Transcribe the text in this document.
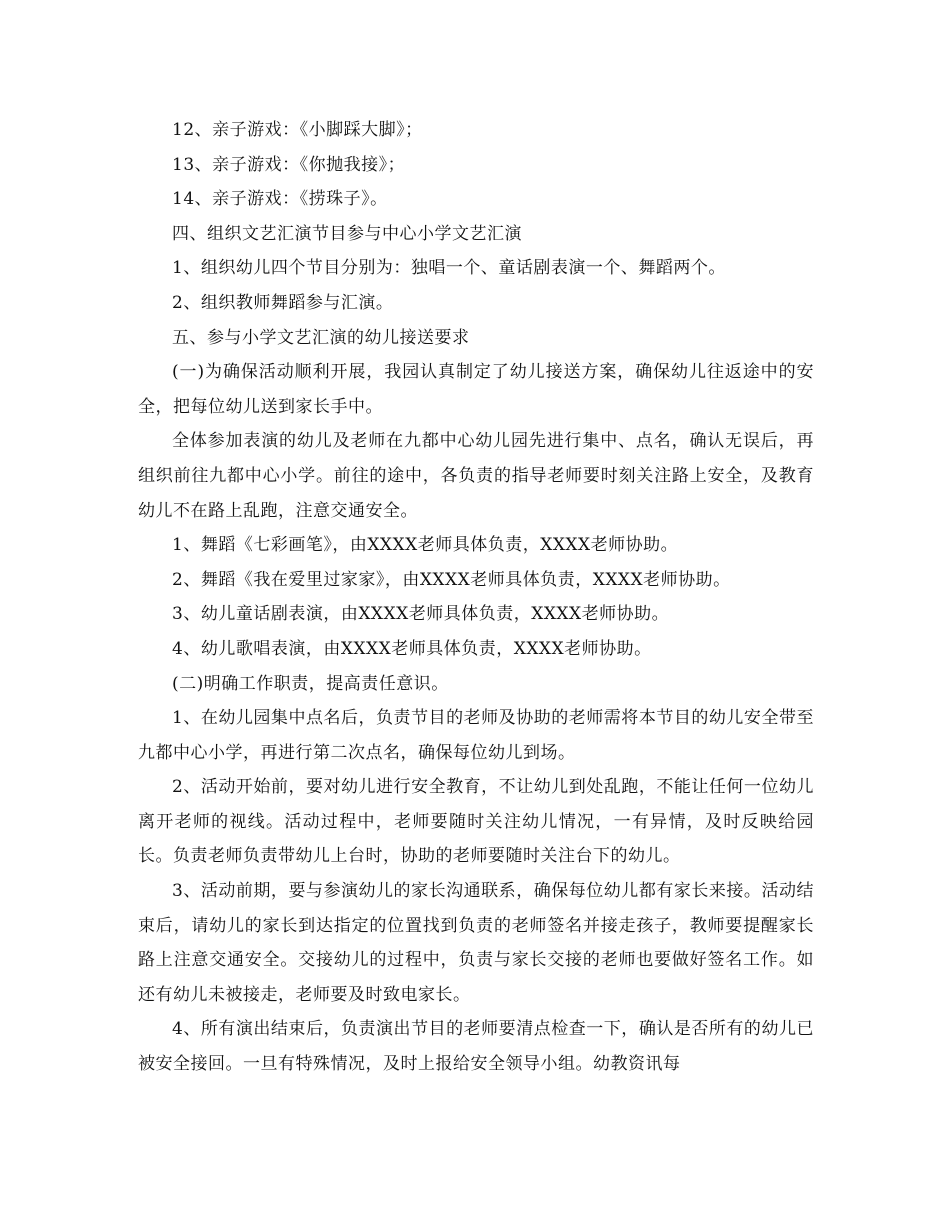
12、亲子游戏：《小脚踩大脚》；

13、亲子游戏：《你抛我接》；

14、亲子游戏：《捞珠子》。

四、组织文艺汇演节目参与中心小学文艺汇演

1、组织幼儿四个节目分别为：独唱一个、童话剧表演一个、舞蹈两个。

2、组织教师舞蹈参与汇演。

五、参与小学文艺汇演的幼儿接送要求

(一)为确保活动顺利开展，我园认真制定了幼儿接送方案，确保幼儿往返途中的安全，把每位幼儿送到家长手中。

全体参加表演的幼儿及老师在九都中心幼儿园先进行集中、点名，确认无误后，再组织前往九都中心小学。前往的途中，各负责的指导老师要时刻关注路上安全，及教育幼儿不在路上乱跑，注意交通安全。

1、舞蹈《七彩画笔》，由XXXX老师具体负责，XXXX老师协助。

2、舞蹈《我在爱里过家家》，由XXXX老师具体负责，XXXX老师协助。

3、幼儿童话剧表演，由XXXX老师具体负责，XXXX老师协助。

4、幼儿歌唱表演，由XXXX老师具体负责，XXXX老师协助。

(二)明确工作职责，提高责任意识。

1、在幼儿园集中点名后，负责节目的老师及协助的老师需将本节目的幼儿安全带至九都中心小学，再进行第二次点名，确保每位幼儿到场。

2、活动开始前，要对幼儿进行安全教育，不让幼儿到处乱跑，不能让任何一位幼儿离开老师的视线。活动过程中，老师要随时关注幼儿情况，一有异情，及时反映给园长。负责老师负责带幼儿上台时，协助的老师要随时关注台下的幼儿。

3、活动前期，要与参演幼儿的家长沟通联系，确保每位幼儿都有家长来接。活动结束后，请幼儿的家长到达指定的位置找到负责的老师签名并接走孩子，教师要提醒家长路上注意交通安全。交接幼儿的过程中，负责与家长交接的老师也要做好签名工作。如还有幼儿未被接走，老师要及时致电家长。

4、所有演出结束后，负责演出节目的老师要清点检查一下，确认是否所有的幼儿已被安全接回。一旦有特殊情况，及时上报给安全领导小组。幼教资讯每
